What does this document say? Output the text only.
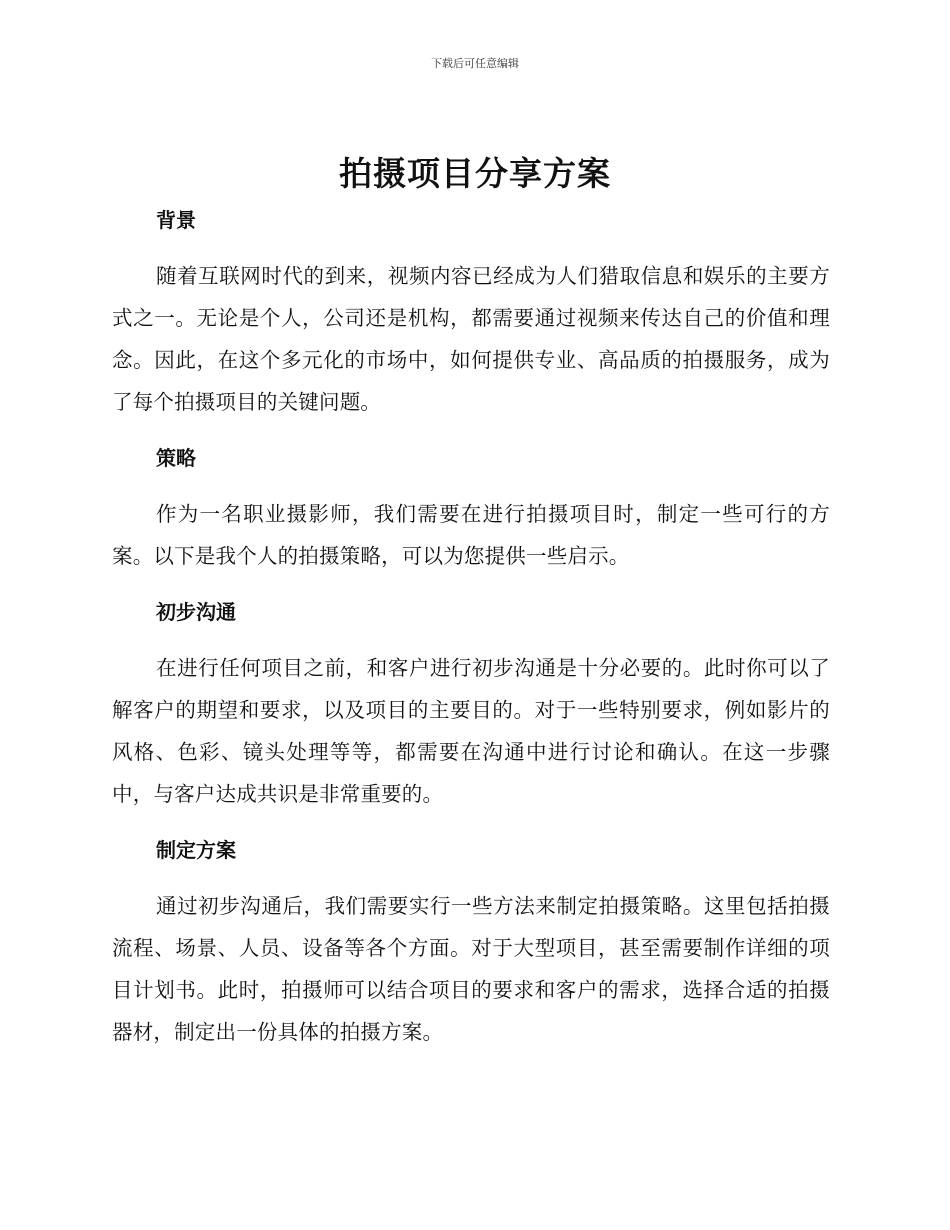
下载后可任意编辑
拍摄项目分享方案
背景

随着互联网时代的到来，视频内容已经成为人们猎取信息和娱乐的主要方式之一。无论是个人，公司还是机构，都需要通过视频来传达自己的价值和理念。因此，在这个多元化的市场中，如何提供专业、高品质的拍摄服务，成为了每个拍摄项目的关键问题。

策略

作为一名职业摄影师，我们需要在进行拍摄项目时，制定一些可行的方案。以下是我个人的拍摄策略，可以为您提供一些启示。

初步沟通

在进行任何项目之前，和客户进行初步沟通是十分必要的。此时你可以了解客户的期望和要求，以及项目的主要目的。对于一些特别要求，例如影片的风格、色彩、镜头处理等等，都需要在沟通中进行讨论和确认。在这一步骤中，与客户达成共识是非常重要的。

制定方案

通过初步沟通后，我们需要实行一些方法来制定拍摄策略。这里包括拍摄流程、场景、人员、设备等各个方面。对于大型项目，甚至需要制作详细的项目计划书。此时，拍摄师可以结合项目的要求和客户的需求，选择合适的拍摄器材，制定出一份具体的拍摄方案。
